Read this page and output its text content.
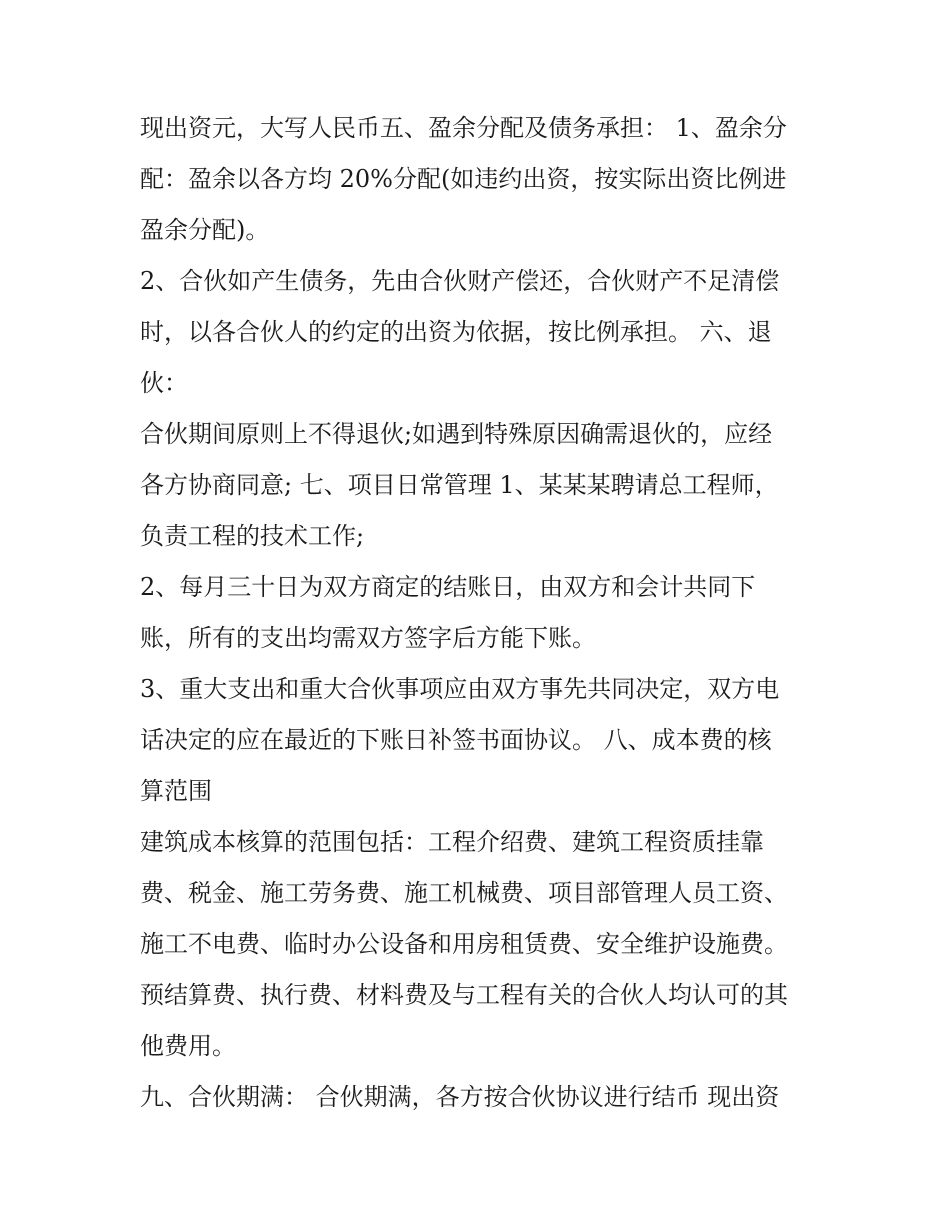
现出资元，大写人民币五、盈余分配及债务承担： 1、盈余分
配：盈余以各方均 20%分配(如违约出资，按实际出资比例进
盈余分配)。
2、合伙如产生债务，先由合伙财产偿还，合伙财产不足清偿
时，以各合伙人的约定的出资为依据，按比例承担。 六、退
伙：
合伙期间原则上不得退伙;如遇到特殊原因确需退伙的，应经
各方协商同意; 七、项目日常管理 1、某某某聘请总工程师，
负责工程的技术工作;
2、每月三十日为双方商定的结账日，由双方和会计共同下
账，所有的支出均需双方签字后方能下账。
3、重大支出和重大合伙事项应由双方事先共同决定，双方电
话决定的应在最近的下账日补签书面协议。 八、成本费的核
算范围
建筑成本核算的范围包括：工程介绍费、建筑工程资质挂靠
费、税金、施工劳务费、施工机械费、项目部管理人员工资、
施工不电费、临时办公设备和用房租赁费、安全维护设施费。
预结算费、执行费、材料费及与工程有关的合伙人均认可的其
他费用。
九、合伙期满： 合伙期满，各方按合伙协议进行结币 现出资
